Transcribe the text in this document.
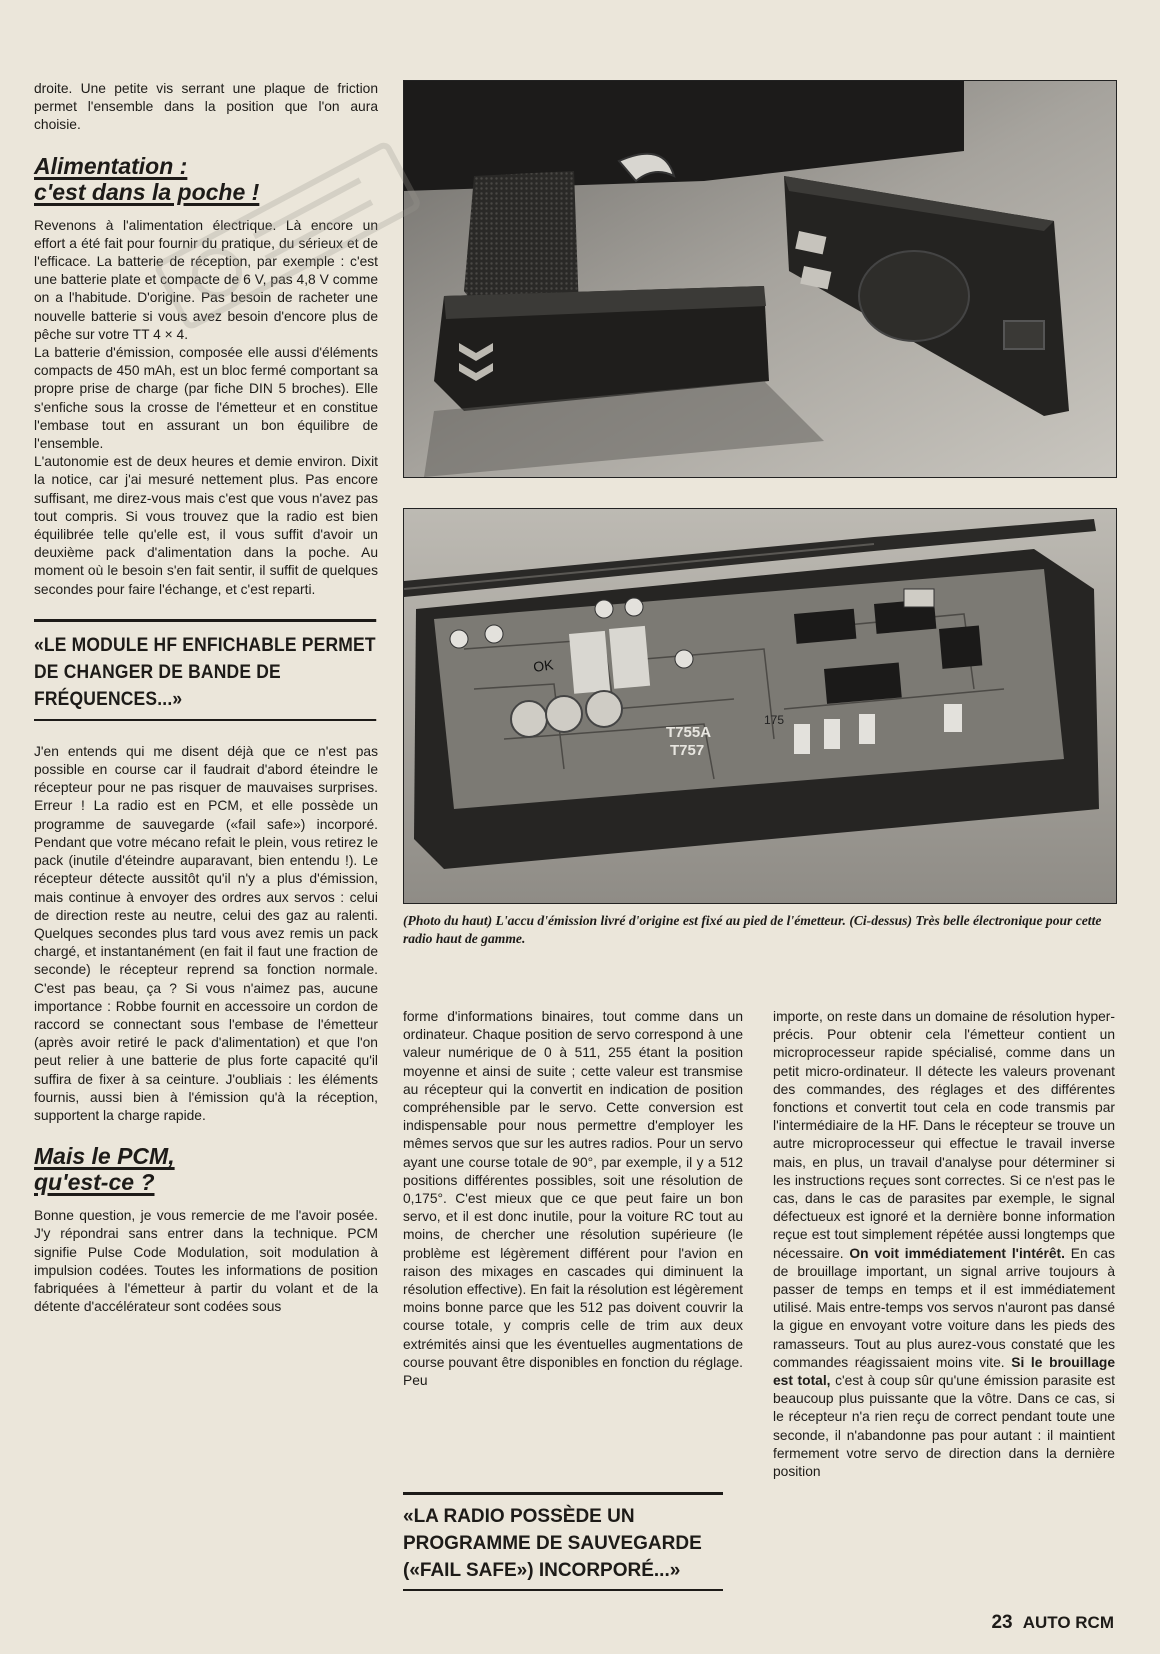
droite. Une petite vis serrant une plaque de friction permet l'ensemble dans la position que l'on aura choisie.

Alimentation :
c'est dans la poche !

Revenons à l'alimentation électrique. Là encore un effort a été fait pour fournir du pratique, du sérieux et de l'efficace. La batterie de réception, par exemple : c'est une batterie plate et compacte de 6 V, pas 4,8 V comme on a l'habitude. D'origine. Pas besoin de racheter une nouvelle batterie si vous avez besoin d'encore plus de pêche sur votre TT 4 × 4.

La batterie d'émission, composée elle aussi d'éléments compacts de 450 mAh, est un bloc fermé comportant sa propre prise de charge (par fiche DIN 5 broches). Elle s'enfiche sous la crosse de l'émetteur et en constitue l'embase tout en assurant un bon équilibre de l'ensemble.

L'autonomie est de deux heures et demie environ. Dixit la notice, car j'ai mesuré nettement plus. Pas encore suffisant, me direz-vous mais c'est que vous n'avez pas tout compris. Si vous trouvez que la radio est bien équilibrée telle qu'elle est, il vous suffit d'avoir un deuxième pack d'alimentation dans la poche. Au moment où le besoin s'en fait sentir, il suffit de quelques secondes pour faire l'échange, et c'est reparti.

«LE MODULE HF ENFICHABLE PERMET DE CHANGER DE BANDE DE FRÉQUENCES...»

J'en entends qui me disent déjà que ce n'est pas possible en course car il faudrait d'abord éteindre le récepteur pour ne pas risquer de mauvaises surprises. Erreur ! La radio est en PCM, et elle possède un programme de sauvegarde («fail safe») incorporé. Pendant que votre mécano refait le plein, vous retirez le pack (inutile d'éteindre auparavant, bien entendu !). Le récepteur détecte aussitôt qu'il n'y a plus d'émission, mais continue à envoyer des ordres aux servos : celui de direction reste au neutre, celui des gaz au ralenti. Quelques secondes plus tard vous avez remis un pack chargé, et instantanément (en fait il faut une fraction de seconde) le récepteur reprend sa fonction normale. C'est pas beau, ça ? Si vous n'aimez pas, aucune importance : Robbe fournit en accessoire un cordon de raccord se connectant sous l'embase de l'émetteur (après avoir retiré le pack d'alimentation) et que l'on peut relier à une batterie de plus forte capacité qu'il suffira de fixer à sa ceinture. J'oubliais : les éléments fournis, aussi bien à l'émission qu'à la réception, supportent la charge rapide.

Mais le PCM,
qu'est-ce ?

Bonne question, je vous remercie de me l'avoir posée. J'y répondrai sans entrer dans la technique. PCM signifie Pulse Code Modulation, soit modulation à impulsion codées. Toutes les informations de position fabriquées à l'émetteur à partir du volant et de la détente d'accélérateur sont codées sous

OK
T755A
T757
175
(Photo du haut) L'accu d'émission livré d'origine est fixé au pied de l'émetteur. (Ci-dessus) Très belle électronique pour cette radio haut de gamme.

forme d'informations binaires, tout comme dans un ordinateur. Chaque position de servo correspond à une valeur numérique de 0 à 511, 255 étant la position moyenne et ainsi de suite ; cette valeur est transmise au récepteur qui la convertit en indication de position compréhensible par le servo. Cette conversion est indispensable pour nous permettre d'employer les mêmes servos que sur les autres radios. Pour un servo ayant une course totale de 90°, par exemple, il y a 512 positions différentes possibles, soit une résolution de 0,175°. C'est mieux que ce que peut faire un bon servo, et il est donc inutile, pour la voiture RC tout au moins, de chercher une résolution supérieure (le problème est légèrement différent pour l'avion en raison des mixages en cascades qui diminuent la résolution effective). En fait la résolution est légèrement moins bonne parce que les 512 pas doivent couvrir la course totale, y compris celle de trim aux deux extrémités ainsi que les éventuelles augmentations de course pouvant être disponibles en fonction du réglage. Peu

«LA RADIO POSSÈDE UN PROGRAMME DE SAUVEGARDE («FAIL SAFE») INCORPORÉ...»

importe, on reste dans un domaine de résolution hyper-précis. Pour obtenir cela l'émetteur contient un microprocesseur rapide spécialisé, comme dans un petit micro-ordinateur. Il détecte les valeurs provenant des commandes, des réglages et des différentes fonctions et convertit tout cela en code transmis par l'intermédiaire de la HF. Dans le récepteur se trouve un autre microprocesseur qui effectue le travail inverse mais, en plus, un travail d'analyse pour déterminer si les instructions reçues sont correctes. Si ce n'est pas le cas, dans le cas de parasites par exemple, le signal défectueux est ignoré et la dernière bonne information reçue est tout simplement répétée aussi longtemps que nécessaire. On voit immédiatement l'intérêt. En cas de brouillage important, un signal arrive toujours à passer de temps en temps et il est immédiatement utilisé. Mais entre-temps vos servos n'auront pas dansé la gigue en envoyant votre voiture dans les pieds des ramasseurs. Tout au plus aurez-vous constaté que les commandes réagissaient moins vite. Si le brouillage est total, c'est à coup sûr qu'une émission parasite est beaucoup plus puissante que la vôtre. Dans ce cas, si le récepteur n'a rien reçu de correct pendant toute une seconde, il n'abandonne pas pour autant : il maintient fermement votre servo de direction dans la dernière position

23 AUTO RCM
